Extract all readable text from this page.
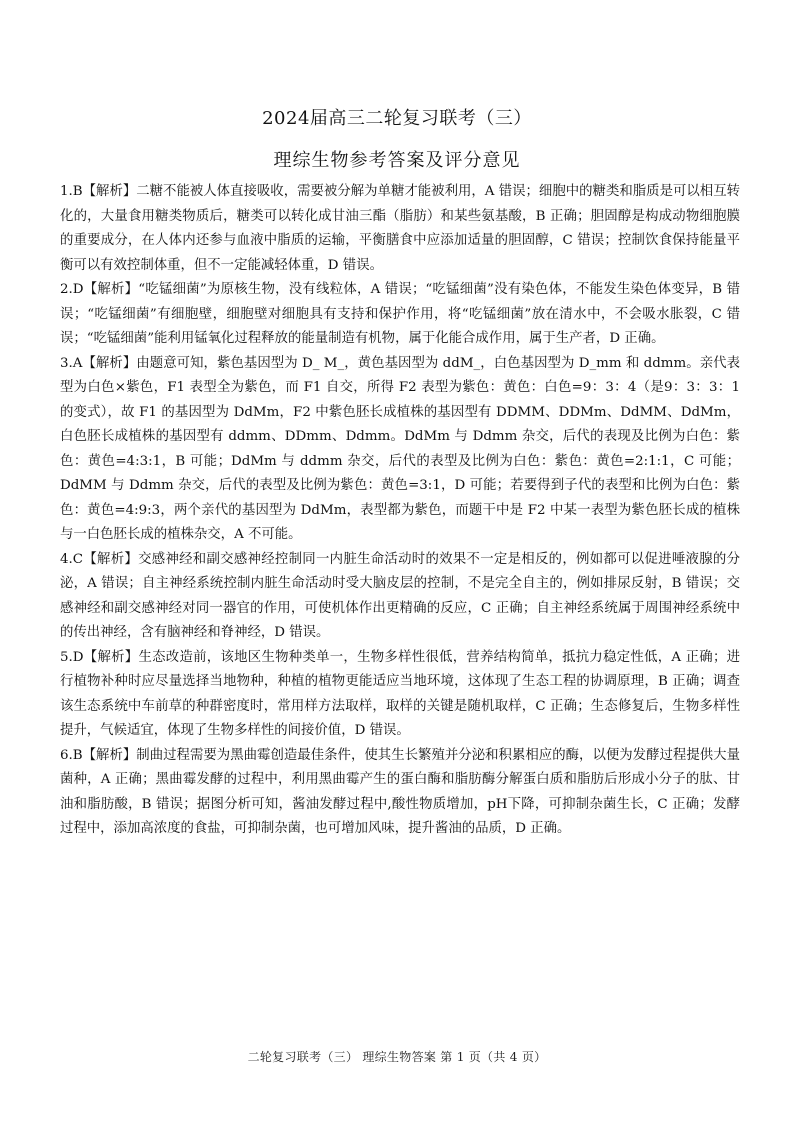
2024届高三二轮复习联考（三）
理综生物参考答案及评分意见

1.B【解析】二糖不能被人体直接吸收，需要被分解为单糖才能被利用，A 错误；细胞中的糖类和脂质是可以相互转化的，大量食用糖类物质后，糖类可以转化成甘油三酯（脂肪）和某些氨基酸，B 正确；胆固醇是构成动物细胞膜的重要成分，在人体内还参与血液中脂质的运输，平衡膳食中应添加适量的胆固醇，C 错误；控制饮食保持能量平衡可以有效控制体重，但不一定能减轻体重，D 错误。

2.D【解析】“吃锰细菌”为原核生物，没有线粒体，A 错误；“吃锰细菌”没有染色体，不能发生染色体变异，B 错误；“吃锰细菌”有细胞壁，细胞壁对细胞具有支持和保护作用，将“吃锰细菌”放在清水中，不会吸水胀裂，C 错误；“吃锰细菌”能利用锰氧化过程释放的能量制造有机物，属于化能合成作用，属于生产者，D 正确。

3.A【解析】由题意可知，紫色基因型为 D_ M_，黄色基因型为 ddM_，白色基因型为 D_mm 和 ddmm。亲代表型为白色×紫色，F1 表型全为紫色，而 F1 自交，所得 F2 表型为紫色：黄色：白色=9：3：4（是9：3：3：1 的变式），故 F1 的基因型为 DdMm，F2 中紫色胚长成植株的基因型有 DDMM、DDMm、DdMM、DdMm，白色胚长成植株的基因型有 ddmm、DDmm、Ddmm。DdMm 与 Ddmm 杂交，后代的表现及比例为白色：紫色：黄色=4:3:1，B 可能；DdMm 与 ddmm 杂交，后代的表型及比例为白色：紫色：黄色=2:1:1，C 可能；DdMM 与 Ddmm 杂交，后代的表型及比例为紫色：黄色=3:1，D 可能；若要得到子代的表型和比例为白色：紫色：黄色=4:9:3，两个亲代的基因型为 DdMm，表型都为紫色，而题干中是 F2 中某一表型为紫色胚长成的植株与一白色胚长成的植株杂交，A 不可能。

4.C【解析】交感神经和副交感神经控制同一内脏生命活动时的效果不一定是相反的，例如都可以促进唾液腺的分泌，A 错误；自主神经系统控制内脏生命活动时受大脑皮层的控制，不是完全自主的，例如排尿反射，B 错误；交感神经和副交感神经对同一器官的作用，可使机体作出更精确的反应，C 正确；自主神经系统属于周围神经系统中的传出神经，含有脑神经和脊神经，D 错误。

5.D【解析】生态改造前，该地区生物种类单一，生物多样性很低，营养结构简单，抵抗力稳定性低，A 正确；进行植物补种时应尽量选择当地物种，种植的植物更能适应当地环境，这体现了生态工程的协调原理，B 正确；调查该生态系统中车前草的种群密度时，常用样方法取样，取样的关键是随机取样，C 正确；生态修复后，生物多样性提升，气候适宜，体现了生物多样性的间接价值，D 错误。

6.B【解析】制曲过程需要为黑曲霉创造最佳条件，使其生长繁殖并分泌和积累相应的酶，以便为发酵过程提供大量菌种，A 正确；黑曲霉发酵的过程中，利用黑曲霉产生的蛋白酶和脂肪酶分解蛋白质和脂肪后形成小分子的肽、甘油和脂肪酸，B 错误；据图分析可知，酱油发酵过程中,酸性物质增加，pH下降，可抑制杂菌生长，C 正确；发酵过程中，添加高浓度的食盐，可抑制杂菌，也可增加风味，提升酱油的品质，D 正确。

二轮复习联考（三） 理综生物答案 第 1 页（共 4 页）
